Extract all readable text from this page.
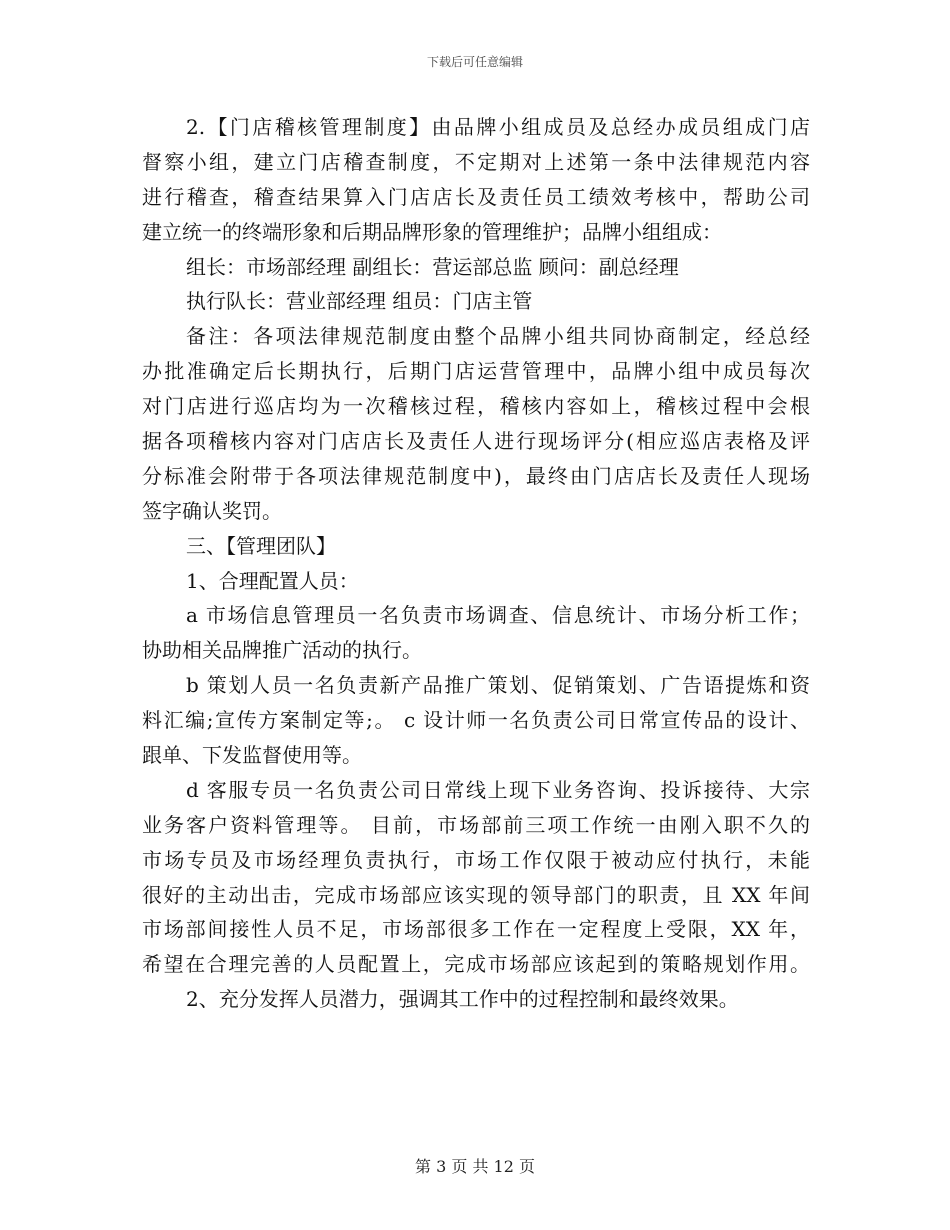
下载后可任意编辑
2.【门店稽核管理制度】由品牌小组成员及总经办成员组成门店
督察小组，建立门店稽查制度，不定期对上述第一条中法律规范内容
进行稽查，稽查结果算入门店店长及责任员工绩效考核中，帮助公司
建立统一的终端形象和后期品牌形象的管理维护；品牌小组组成：
组长：市场部经理 副组长：营运部总监 顾问：副总经理
执行队长：营业部经理 组员：门店主管
备注：各项法律规范制度由整个品牌小组共同协商制定，经总经
办批准确定后长期执行，后期门店运营管理中，品牌小组中成员每次
对门店进行巡店均为一次稽核过程，稽核内容如上，稽核过程中会根
据各项稽核内容对门店店长及责任人进行现场评分(相应巡店表格及评
分标准会附带于各项法律规范制度中)，最终由门店店长及责任人现场
签字确认奖罚。
三、【管理团队】
1、合理配置人员：
a 市场信息管理员一名负责市场调查、信息统计、市场分析工作；
协助相关品牌推广活动的执行。
b 策划人员一名负责新产品推广策划、促销策划、广告语提炼和资
料汇编;宣传方案制定等;。 c 设计师一名负责公司日常宣传品的设计、
跟单、下发监督使用等。
d 客服专员一名负责公司日常线上现下业务咨询、投诉接待、大宗
业务客户资料管理等。 目前，市场部前三项工作统一由刚入职不久的
市场专员及市场经理负责执行，市场工作仅限于被动应付执行，未能
很好的主动出击，完成市场部应该实现的领导部门的职责，且 XX 年间
市场部间接性人员不足，市场部很多工作在一定程度上受限，XX 年，
希望在合理完善的人员配置上，完成市场部应该起到的策略规划作用。
2、充分发挥人员潜力，强调其工作中的过程控制和最终效果。
第 3 页 共 12 页
